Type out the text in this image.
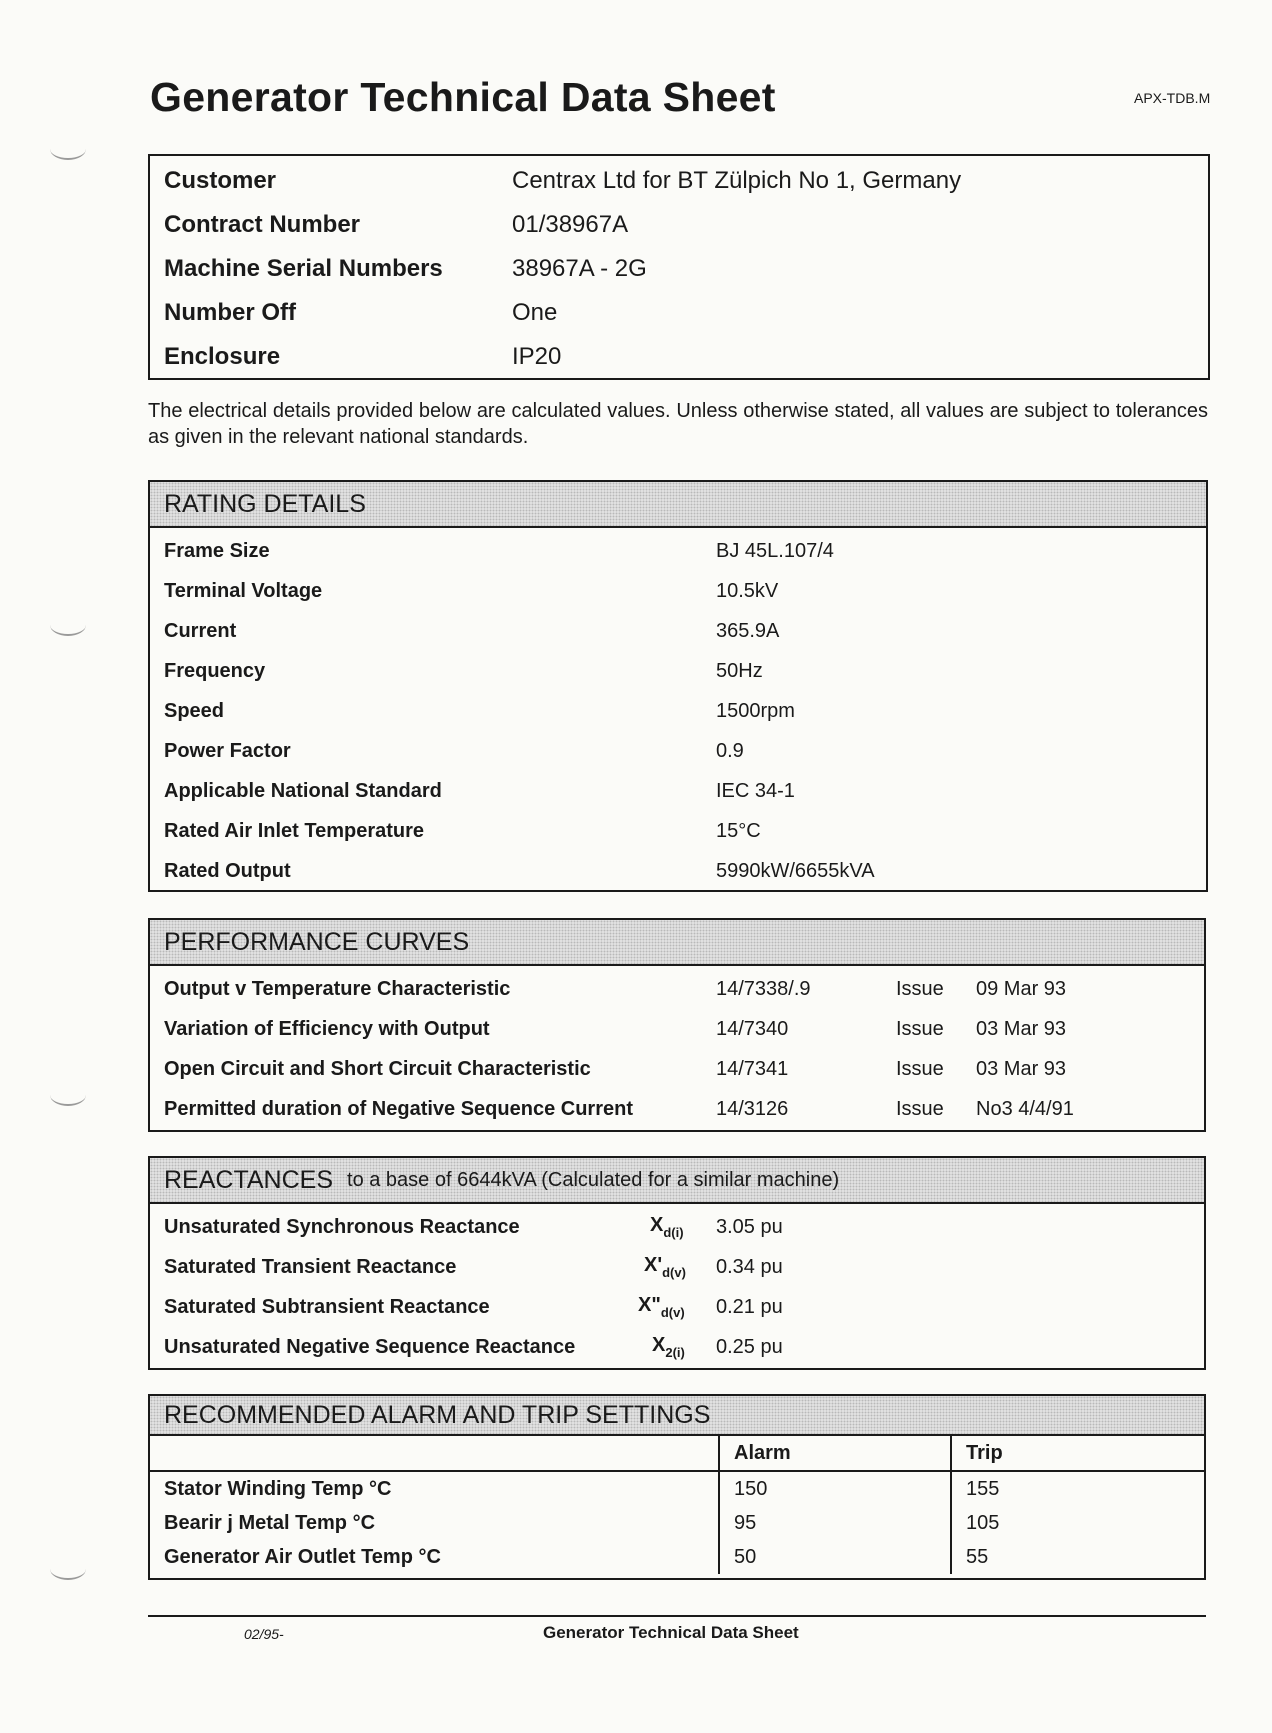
Generator Technical Data Sheet	APX-TDB.M
Customer	Centrax Ltd for BT Zülpich No 1, Germany
Contract Number	01/38967A
Machine Serial Numbers	38967A - 2G
Number Off	One
Enclosure	IP20
The electrical details provided below are calculated values. Unless otherwise stated, all values are subject to tolerances as given in the relevant national standards.
RATING DETAILS
Frame Size	BJ 45L.107/4
Terminal Voltage	10.5kV
Current	365.9A
Frequency	50Hz
Speed	1500rpm
Power Factor	0.9
Applicable National Standard	IEC 34-1
Rated Air Inlet Temperature	15°C
Rated Output	5990kW/6655kVA
PERFORMANCE CURVES
Output v Temperature Characteristic	14/7338/.9	Issue 09 Mar 93
Variation of Efficiency with Output	14/7340	Issue 03 Mar 93
Open Circuit and Short Circuit Characteristic	14/7341	Issue 03 Mar 93
Permitted duration of Negative Sequence Current	14/3126	Issue No3 4/4/91
REACTANCES to a base of 6644kVA (Calculated for a similar machine)
Unsaturated Synchronous Reactance	$X_{d(i)}$ 3.05 pu
Saturated Transient Reactance	$X'_{d(v)}$ 0.34 pu
Saturated Subtransient Reactance	$X"_{d(v)}$ 0.21 pu
Unsaturated Negative Sequence Reactance	$X_{2(i)}$ 0.25 pu
RECOMMENDED ALARM AND TRIP SETTINGS
	Alarm	Trip
Stator Winding Temp °C	150	155
Bearir j Metal Temp °C	95	105
Generator Air Outlet Temp °C	50	55
02/95-	Generator Technical Data Sheet
